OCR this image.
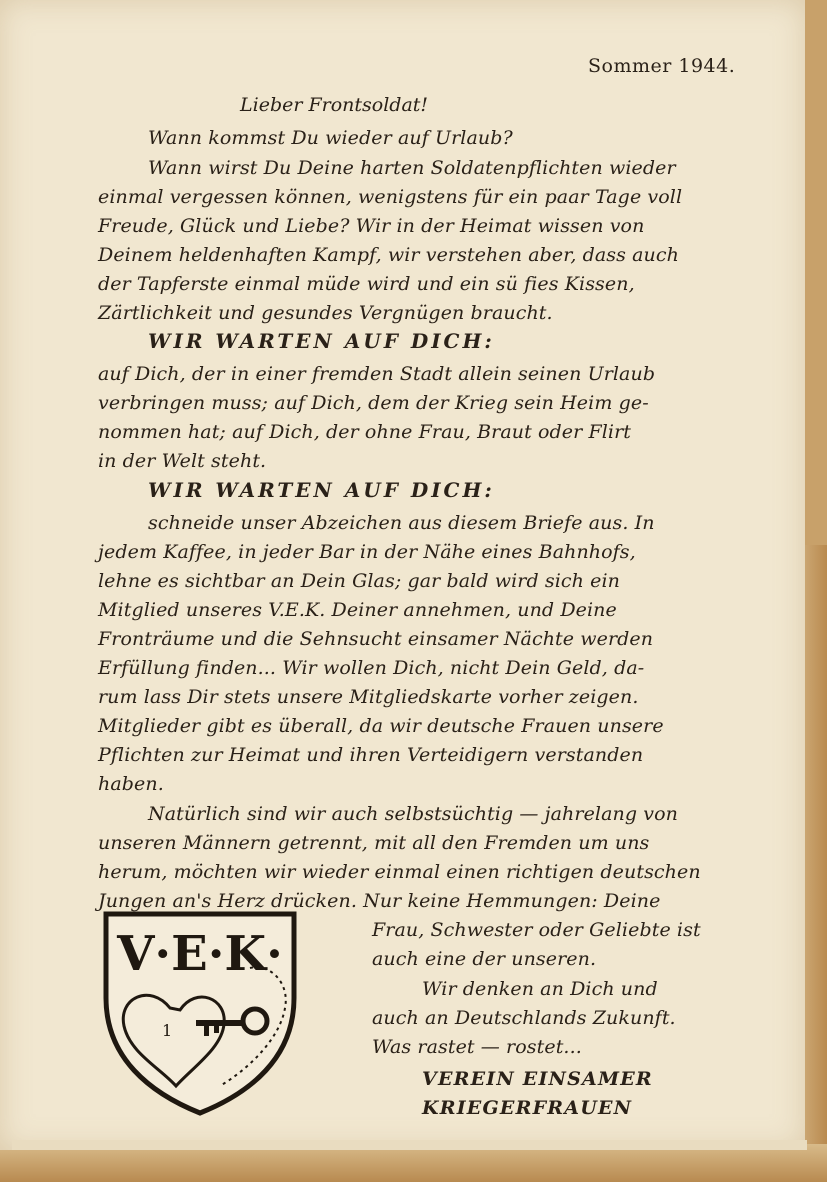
Sommer 1944.
Lieber Frontsoldat!
Wann kommst Du wieder auf Urlaub?
Wann wirst Du Deine harten Soldatenpflichten wieder
einmal vergessen können, wenigstens für ein paar Tage voll
Freude, Glück und Liebe? Wir in der Heimat wissen von
Deinem heldenhaften Kampf, wir verstehen aber, dass auch
der Tapferste einmal müde wird und ein sü fies Kissen,
Zärtlichkeit und gesundes Vergnügen braucht.
WIR WARTEN AUF DICH:
auf Dich, der in einer fremden Stadt allein seinen Urlaub
verbringen muss; auf Dich, dem der Krieg sein Heim ge-
nommen hat; auf Dich, der ohne Frau, Braut oder Flirt
in der Welt steht.
WIR WARTEN AUF DICH:
schneide unser Abzeichen aus diesem Briefe aus. In
jedem Kaffee, in jeder Bar in der Nähe eines Bahnhofs,
lehne es sichtbar an Dein Glas; gar bald wird sich ein
Mitglied unseres V.E.K. Deiner annehmen, und Deine
Fronträume und die Sehnsucht einsamer Nächte werden
Erfüllung finden... Wir wollen Dich, nicht Dein Geld, da-
rum lass Dir stets unsere Mitgliedskarte vorher zeigen.
Mitglieder gibt es überall, da wir deutsche Frauen unsere
Pflichten zur Heimat und ihren Verteidigern verstanden
haben.
Natürlich sind wir auch selbstsüchtig — jahrelang von
unseren Männern getrennt, mit all den Fremden um uns
herum, möchten wir wieder einmal einen richtigen deutschen
Jungen an's Herz drücken. Nur keine Hemmungen: Deine
Frau, Schwester oder Geliebte ist
auch eine der unseren.
Wir denken an Dich und
auch an Deutschlands Zukunft.
Was rastet — rostet...
VEREIN EINSAMER
KRIEGERFRAUEN
V·E·K·
1
